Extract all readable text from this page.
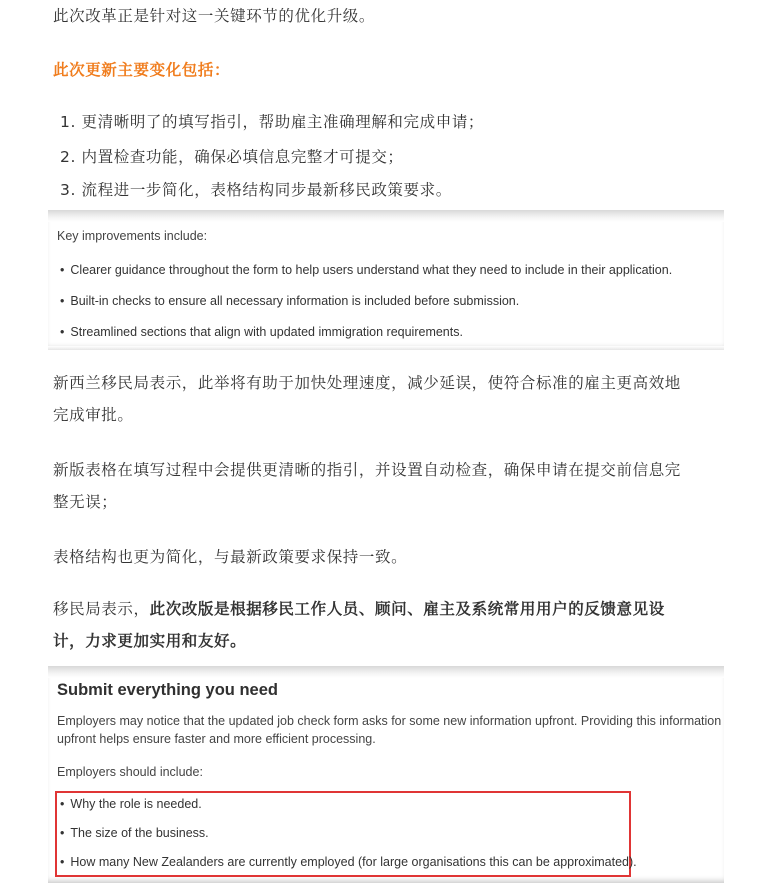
此次改革正是针对这一关键环节的优化升级。
此次更新主要变化包括：
1. 更清晰明了的填写指引，帮助雇主准确理解和完成申请；
2. 内置检查功能，确保必填信息完整才可提交；
3. 流程进一步简化，表格结构同步最新移民政策要求。
Key improvements include:
• Clearer guidance throughout the form to help users understand what they need to include in their application.
• Built-in checks to ensure all necessary information is included before submission.
• Streamlined sections that align with updated immigration requirements.
新西兰移民局表示，此举将有助于加快处理速度，减少延误，使符合标准的雇主更高效地
完成审批。
新版表格在填写过程中会提供更清晰的指引，并设置自动检查，确保申请在提交前信息完
整无误；
表格结构也更为简化，与最新政策要求保持一致。
移民局表示，此次改版是根据移民工作人员、顾问、雇主及系统常用用户的反馈意见设
计，力求更加实用和友好。
Submit everything you need
Employers may notice that the updated job check form asks for some new information upfront. Providing this information
upfront helps ensure faster and more efficient processing.
Employers should include:
• Why the role is needed.
• The size of the business.
• How many New Zealanders are currently employed (for large organisations this can be approximated).
